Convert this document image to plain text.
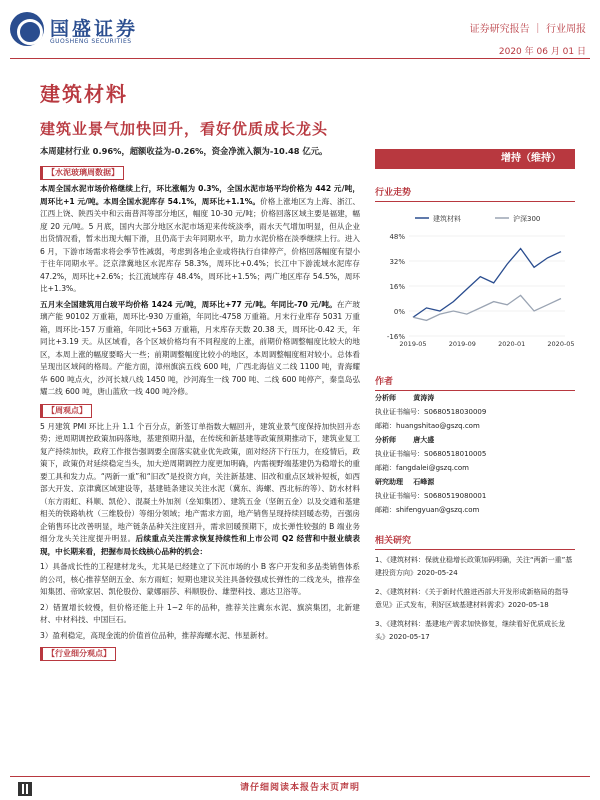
国盛证券
GUOSHENG SECURITIES
证券研究报告 ｜ 行业周报
2020 年 06 月 01 日
建筑材料
建筑业景气加快回升，看好优质成长龙头
本周建材行业 0.96%，超额收益为-0.26%，资金净流入额为-10.48 亿元。
【水泥玻璃周数据】
本周全国水泥市场价格继续上行，环比涨幅为 0.3%，全国水泥市场平均价格为 442 元/吨，周环比+1 元/吨。本周全国水泥库存 54.1%，周环比+1.1%。价格上涨地区为上海、浙江、江西上饶、陕西关中和云南普洱等部分地区，幅度 10-30 元/吨；价格回落区域主要是福建，幅度 20 元/吨。5 月底，国内大部分地区水泥市场迎来传统淡季，雨水天气增加明显，但从企业出货情况看，暂未出现大幅下滑，且仍高于去年同期水平，助力水泥价格在淡季继续上行。进入 6 月，下游市场需求将会季节性减弱，考虑到各地企业或将执行自律停产，价格回落幅度有望小于往年同期水平。泛京津冀地区水泥库存 58.3%，周环比+0.4%；长江中下游流域水泥库存 47.2%，周环比+2.6%；长江流域库存 48.4%，周环比+1.5%；两广地区库存 54.5%，周环比+1.3%。
五月末全国建筑用白玻平均价格 1424 元/吨，周环比+77 元/吨。年同比-70 元/吨。在产玻璃产能 90102 万重箱，周环比-930 万重箱，年同比-4758 万重箱。月末行业库存 5031 万重箱，周环比-157 万重箱，年同比+563 万重箱，月末库存天数 20.38 天，周环比-0.42 天，年同比+3.19 天。从区域看，各个区域价格均有不同程度的上涨，前期价格调整幅度比较大的地区，本周上涨的幅度要略大一些；前期调整幅度比较小的地区，本周调整幅度相对较小。总体看呈现出区域间的格局。产能方面，漳州旗滨五线 600 吨，广西北海信义二线 1100 吨，青海耀华 600 吨点火，沙河长城八线 1450 吨，沙河海生一线 700 吨、二线 600 吨停产，秦皇岛弘耀二线 600 吨，唐山蓝欣一线 400 吨冷修。
【周观点】
5 月建筑 PMI 环比上升 1.1 个百分点，新签订单指数大幅回升，建筑业景气度保持加快回升态势；逆周期调控政策加码落地，基建预期升温，在传统和新基建等政策预期推动下，建筑业复工复产持续加快，政府工作报告强调要全面落实就业优先政策，面对经济下行压力，在疫情后，政策下，政策仍对延续稳定当头，加大逆周期调控力度更加明确，内需视野端基建仍为稳增长的重要工具和发力点。“两新一重”和“旧改”是投资方向，关注新基建、旧改和重点区域补短板，如西部大开发、京津冀区域建设等，基建链条建议关注水泥（冀东、海螺、西北标的等）、防水材料（东方雨虹、科顺、凯伦）、混凝土外加剂（垒知集团）、建筑五金（坚朗五金）以及交通和基建相关的铁路轨枕（三维股份）等细分领域；地产需求方面，地产销售呈现持续回暖态势，百强房企销售环比改善明显，地产链条品种关注度回升，需求回暖预期下，成长弹性较强的 B 端业务细分龙头关注度提升明显。后续重点关注需求恢复持续性和上市公司 Q2 经营和中报业绩表现，中长期来看，把握布局长线核心品种的机会：
1）具备成长性的工程建材龙头，尤其是已经建立了下沉市场的小 B 客户开发和多品类销售体系的公司，核心推荐坚朗五金、东方雨虹；短期也建议关注具备较强成长弹性的二线龙头，推荐垒知集团、帝欧家居、凯伦股份、蒙娜丽莎、科顺股份、雄塑科技、惠达卫浴等。
2）错置增长较慢，但价格还能上升 1~2 年的品种，推荐关注冀东水泥、旗滨集团，北新建材、中材科技、中国巨石。
3）盈利稳定，高现金流的价值首位品种，推荐海螺水泥、伟星新材。
【行业细分观点】
增持（维持）
行业走势
48%
32%
16%
0%
-16%
2019-05	2019-09	2020-01	2020-05
建筑材料	沪深300
作者
分析师 黄涛涛
执业证书编号：S0680518030009
邮箱：huangshitao@gszq.com
分析师 唐大盛
执业证书编号：S0680518010005
邮箱：fangdalei@gszq.com
研究助理 石峰源
执业证书编号：S0680519080001
邮箱：shifengyuan@gszq.com
相关研究
1、《建筑材料：保就业稳增长政策加码明确，关注“两新一重”基建投资方向》2020-05-24
2、《建筑材料：《关于新时代推进西部大开发形成新格局的指导意见》正式发布，利好区域基建材料需求》2020-05-18
3、《建筑材料：基建地产需求加快修复，继续看好优质成长龙头》2020-05-17
请仔细阅读本报告末页声明
